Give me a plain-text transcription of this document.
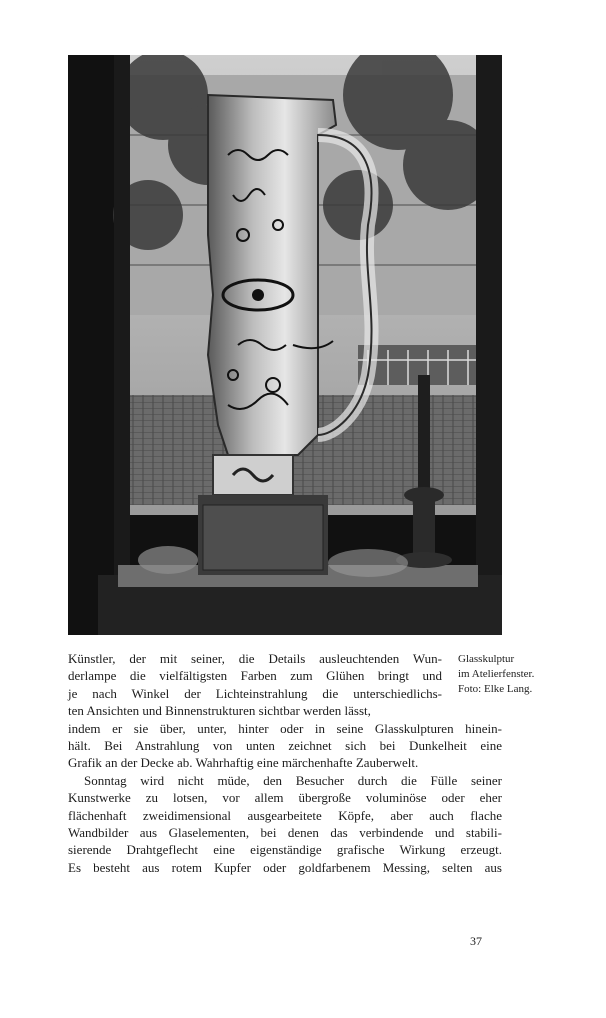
Glasskulptur
im Atelierfenster.
Foto: Elke Lang.
Künstler, der mit seiner, die Details ausleuchtenden Wun-
derlampe die vielfältigsten Farben zum Glühen bringt und
je nach Winkel der Lichteinstrahlung die unterschiedlichs-
ten Ansichten und Binnenstrukturen sichtbar werden lässt,
indem er sie über, unter, hinter oder in seine Glasskulpturen hinein-
hält. Bei Anstrahlung von unten zeichnet sich bei Dunkelheit eine
Grafik an der Decke ab. Wahrhaftig eine märchenhafte Zauberwelt.
Sonntag wird nicht müde, den Besucher durch die Fülle seiner
Kunstwerke zu lotsen, vor allem übergroße voluminöse oder eher
flächenhaft zweidimensional ausgearbeitete Köpfe, aber auch flache
Wandbilder aus Glaselementen, bei denen das verbindende und stabili-
sierende Drahtgeflecht eine eigenständige grafische Wirkung erzeugt.
Es besteht aus rotem Kupfer oder goldfarbenem Messing, selten aus
37
